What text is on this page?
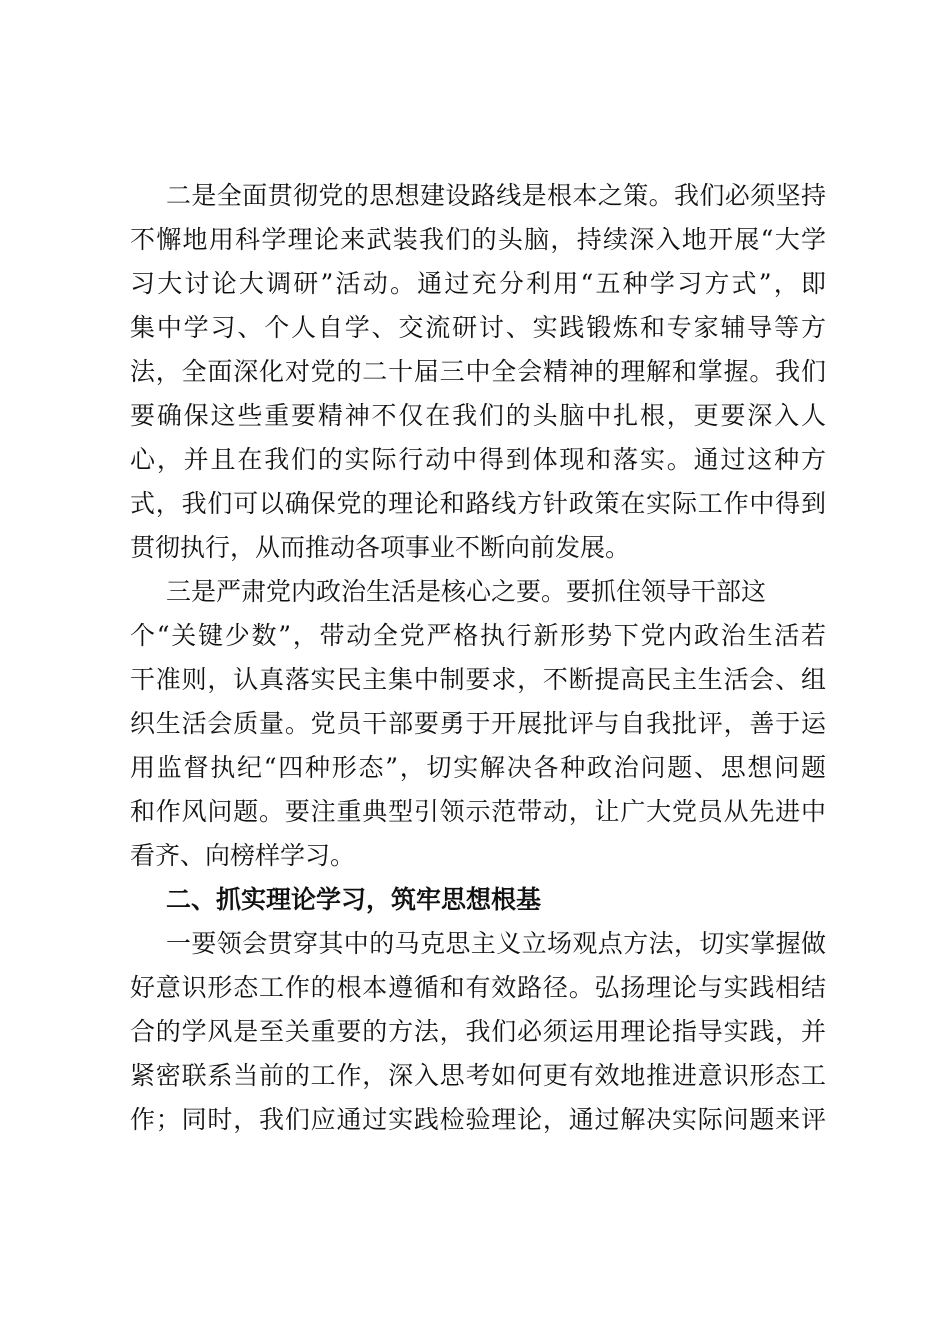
二是全面贯彻党的思想建设路线是根本之策。我们必须坚持
不懈地用科学理论来武装我们的头脑，持续深入地开展“大学
习大讨论大调研”活动。通过充分利用“五种学习方式”，即
集中学习、个人自学、交流研讨、实践锻炼和专家辅导等方
法，全面深化对党的二十届三中全会精神的理解和掌握。我们
要确保这些重要精神不仅在我们的头脑中扎根，更要深入人
心，并且在我们的实际行动中得到体现和落实。通过这种方
式，我们可以确保党的理论和路线方针政策在实际工作中得到
贯彻执行，从而推动各项事业不断向前发展。
三是严肃党内政治生活是核心之要。要抓住领导干部这
个“关键少数”，带动全党严格执行新形势下党内政治生活若
干准则，认真落实民主集中制要求，不断提高民主生活会、组
织生活会质量。党员干部要勇于开展批评与自我批评，善于运
用监督执纪“四种形态”，切实解决各种政治问题、思想问题
和作风问题。要注重典型引领示范带动，让广大党员从先进中
看齐、向榜样学习。
二、抓实理论学习，筑牢思想根基
一要领会贯穿其中的马克思主义立场观点方法，切实掌握做
好意识形态工作的根本遵循和有效路径。弘扬理论与实践相结
合的学风是至关重要的方法，我们必须运用理论指导实践，并
紧密联系当前的工作，深入思考如何更有效地推进意识形态工
作；同时，我们应通过实践检验理论，通过解决实际问题来评
